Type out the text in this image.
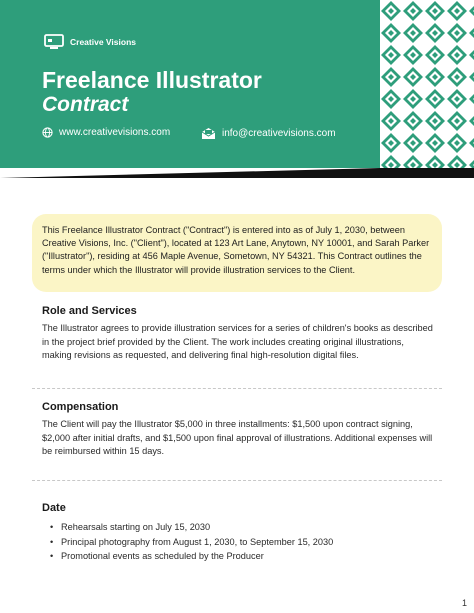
Creative Visions
Freelance Illustrator
Contract
www.creativevisions.com	info@creativevisions.com
This Freelance Illustrator Contract ("Contract") is entered into as of July 1, 2030, between Creative Visions, Inc. ("Client"), located at 123 Art Lane, Anytown, NY 10001, and Sarah Parker ("Illustrator"), residing at 456 Maple Avenue, Sometown, NY 54321. This Contract outlines the terms under which the Illustrator will provide illustration services to the Client.
Role and Services
The Illustrator agrees to provide illustration services for a series of children's books as described in the project brief provided by the Client. The work includes creating original illustrations, making revisions as requested, and delivering final high-resolution digital files.
Compensation
The Client will pay the Illustrator $5,000 in three installments: $1,500 upon contract signing, $2,000 after initial drafts, and $1,500 upon final approval of illustrations. Additional expenses will be reimbursed within 15 days.
Date
• Rehearsals starting on July 15, 2030
• Principal photography from August 1, 2030, to September 15, 2030
• Promotional events as scheduled by the Producer
1
